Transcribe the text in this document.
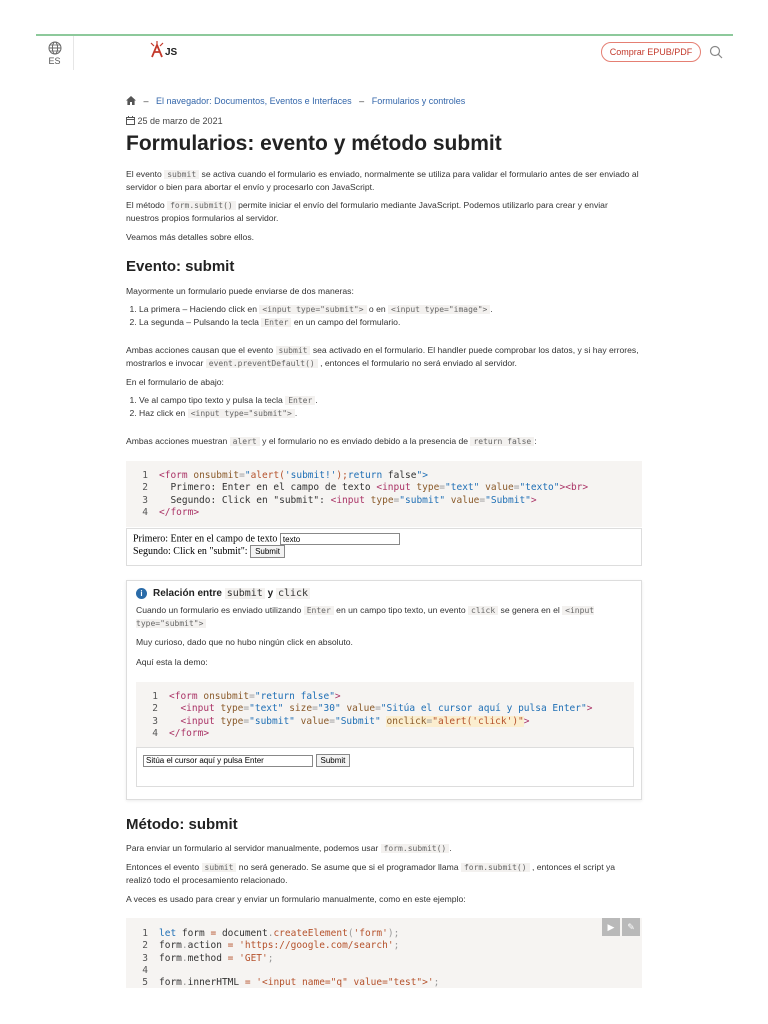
ES
JS	Comprar EPUB/PDF
– El navegador: Documentos, Eventos e Interfaces – Formularios y controles
25 de marzo de 2021
Formularios: evento y método submit
El evento submit se activa cuando el formulario es enviado, normalmente se utiliza para validar el formulario antes de ser enviado al servidor o bien para abortar el envío y procesarlo con JavaScript.
El método form.submit() permite iniciar el envío del formulario mediante JavaScript. Podemos utilizarlo para crear y enviar nuestros propios formularios al servidor.
Veamos más detalles sobre ellos.
Evento: submit
Mayormente un formulario puede enviarse de dos maneras:
1. La primera – Haciendo click en <input type="submit"> o en <input type="image"> .
2. La segunda – Pulsando la tecla Enter en un campo del formulario.
Ambas acciones causan que el evento submit sea activado en el formulario. El handler puede comprobar los datos, y si hay errores, mostrarlos e invocar event.preventDefault() , entonces el formulario no será enviado al servidor.
En el formulario de abajo:
1. Ve al campo tipo texto y pulsa la tecla Enter .
2. Haz click en <input type="submit"> .
Ambas acciones muestran alert y el formulario no es enviado debido a la presencia de return false :
1 <form onsubmit="alert('submit!');return false">
2  Primero: Enter en el campo de texto <input type="text" value="texto"><br>
3  Segundo: Click en "submit": <input type="submit" value="Submit">
4 </form>
Primero: Enter en el campo de texto texto
Segundo: Click en "submit": Submit
i Relación entre submit y click
Cuando un formulario es enviado utilizando Enter en un campo tipo texto, un evento click se genera en el <input type="submit">
Muy curioso, dado que no hubo ningún click en absoluto.
Aquí esta la demo:
1 <form onsubmit="return false">
2 <input type="text" size="30" value="Sitúa el cursor aquí y pulsa Enter">
3 <input type="submit" value="Submit" onclick="alert('click')">
4 </form>
Sitúa el cursor aquí y pulsa Enter Submit
Método: submit
Para enviar un formulario al servidor manualmente, podemos usar form.submit() .
Entonces el evento submit no será generado. Se asume que si el programador llama form.submit() , entonces el script ya realizó todo el procesamiento relacionado.
A veces es usado para crear y enviar un formulario manualmente, como en este ejemplo:
1 let form = document.createElement('form');
2 form.action = 'https://google.com/search';
3 form.method = 'GET';
4
5 form.innerHTML = '<input name="q" value="test">';
▶	✎
